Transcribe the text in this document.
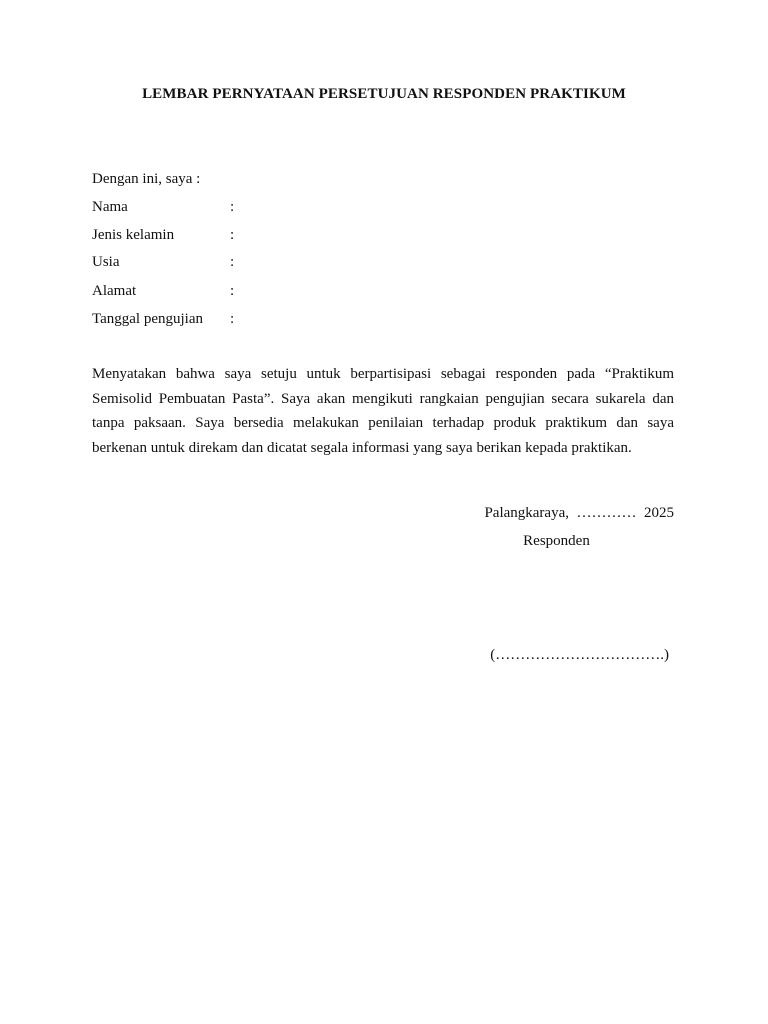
LEMBAR PERNYATAAN PERSETUJUAN RESPONDEN PRAKTIKUM
Dengan ini, saya :
Nama	:
Jenis kelamin	:
Usia	:
Alamat	:
Tanggal pengujian :
Menyatakan bahwa saya setuju untuk berpartisipasi sebagai responden pada “Praktikum Semisolid Pembuatan Pasta”. Saya akan mengikuti rangkaian pengujian secara sukarela dan tanpa paksaan. Saya bersedia melakukan penilaian terhadap produk praktikum dan saya berkenan untuk direkam dan dicatat segala informasi yang saya berikan kepada praktikan.
Palangkaraya,  …………  2025
Responden
(…………………………….)
